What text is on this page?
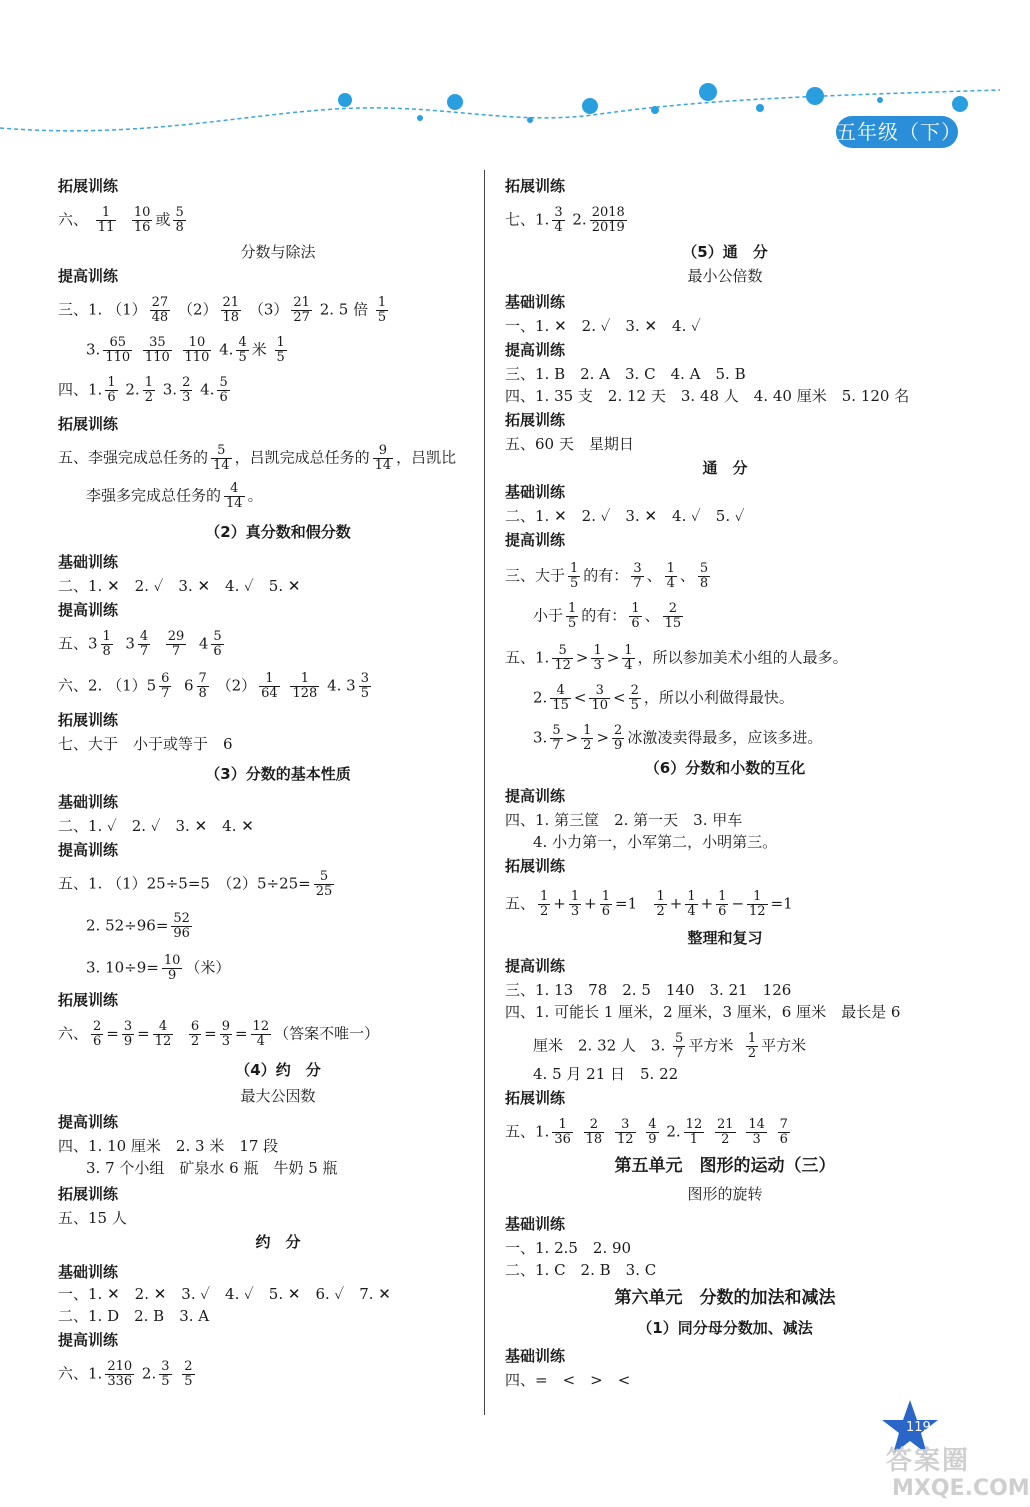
五年级（下）
拓展训练
六、 $\frac{1}{11}$
$\frac{10}{16}$ 或 $\frac{5}{8}$
分数与除法
提高训练
三、1. $(1) \frac{27}{48} (2) \frac{21}{18} (3) \frac{21}{27} 2$. 5 倍 $\frac{1}{5}$
3. $\frac{65}{110}$
$\frac{35}{110}$
$\frac{10}{110} 4$. $\frac{4}{5}$ 米 $\frac{1}{5}$
四、1. $\frac{1}{6} 2$. $\frac{1}{2} 3$. $\frac{2}{3} 4$. $\frac{5}{6}$
拓展训练
五、李强完成总任务的 $\frac{5}{14}$ ，吕凯完成总任务的 $\frac{9}{14}$ ，吕凯比
李强多完成总任务的 $\frac{4}{14}$ 。
（2）真分数和假分数
基础训练
二、1. ✕　2. ✓　3. ✕　4. ✓　5. ✕
提高训练
五、$3 \frac{1}{8} 3 \frac{4}{7}$
$\frac{29}{7} 4 \frac{5}{6}$
六、2. $(1)5 \frac{6}{7} 6 \frac{7}{8} (2) \frac{1}{64}$
$\frac{1}{128} 4$. $3 \frac{3}{5}$
拓展训练
七、大于　小于或等于　6
（3）分数的基本性质
基础训练
二、1. ✓　2. ✓　3. ✕　4. ✕
提高训练
五、1. （1）25÷5=5　$(2)5\div 25= \frac{5}{25}$
2. $52\div 96= \frac{52}{96}$
3. $10\div 9= \frac{10}{9}$ （米）
拓展训练
六、 $\frac{2}{6} = \frac{3}{9} = \frac{4}{12}$
$\frac{6}{2} = \frac{9}{3} = \frac{12}{4}$ （答案不唯一）
（4）约　分
最大公因数
提高训练
四、1. 10 厘米　2. 3 米　17 段
3. 7 个小组　矿泉水 6 瓶　牛奶 5 瓶
拓展训练
五、15 人
约　分
基础训练
一、1. ✕　2. ✕　3. ✓　4. ✓　5. ✕　6. ✓　7. ✕
二、1. D　2. B　3. A
提高训练
六、1. $\frac{210}{336} 2$. $\frac{3}{5}$
$\frac{2}{5}$
拓展训练
七、1. $\frac{3}{4} 2$. $\frac{2018}{2019}$
（5）通　分
最小公倍数
基础训练
一、1. ✕　2. ✓　3. ✕　4. ✓
提高训练
三、1. B　2. A　3. C　4. A　5. B
四、1. 35 支　2. 12 天　3. 48 人　4. 40 厘米　5. 120 名
拓展训练
五、60 天　星期日
通　分
基础训练
二、1. ✕　2. ✓　3. ✕　4. ✓　5. ✓
提高训练
三、大于 $\frac{1}{5}$ 的有： $\frac{3}{7}$ 、 $\frac{1}{4}$ 、 $\frac{5}{8}$
小于 $\frac{1}{5}$ 的有： $\frac{1}{6}$ 、 $\frac{2}{15}$
五、1. $\frac{5}{12} > \frac{1}{3} > \frac{1}{4}$ ，所以参加美术小组的人最多。
2. $\frac{4}{15} < \frac{3}{10} < \frac{2}{5}$ ，所以小利做得最快。
3. $\frac{5}{7} > \frac{1}{2} > \frac{2}{9}$ 冰激凌卖得最多，应该多进。
（6）分数和小数的互化
提高训练
四、1. 第三筐　2. 第一天　3. 甲车
4. 小力第一，小军第二，小明第三。
拓展训练
五、 $\frac{1}{2} + \frac{1}{3} + \frac{1}{6} =1 \frac{1}{2} + \frac{1}{4} + \frac{1}{6} - \frac{1}{12} =1$
整理和复习
提高训练
三、1. 13　78　2. 5　140　3. 21　126
四、1. 可能长 1 厘米，2 厘米，3 厘米，6 厘米　最长是 6
厘米　2. 32 人　3. $\frac{5}{7}$ 平方米 $\frac{1}{2}$ 平方米
4. 5 月 21 日　5. 22
拓展训练
五、1. $\frac{1}{36}$
$\frac{2}{18}$
$\frac{3}{12}$
$\frac{4}{9} 2$. $\frac{12}{1}$
$\frac{21}{2}$
$\frac{14}{3}$
$\frac{7}{6}$
第五单元　图形的运动（三）
图形的旋转
基础训练
一、1. 2.5　2. 90
二、1. C　2. B　3. C
第六单元　分数的加法和减法
（1）同分母分数加、减法
基础训练
四、=　<　>　<
119
答案圈
MXQE.COM
